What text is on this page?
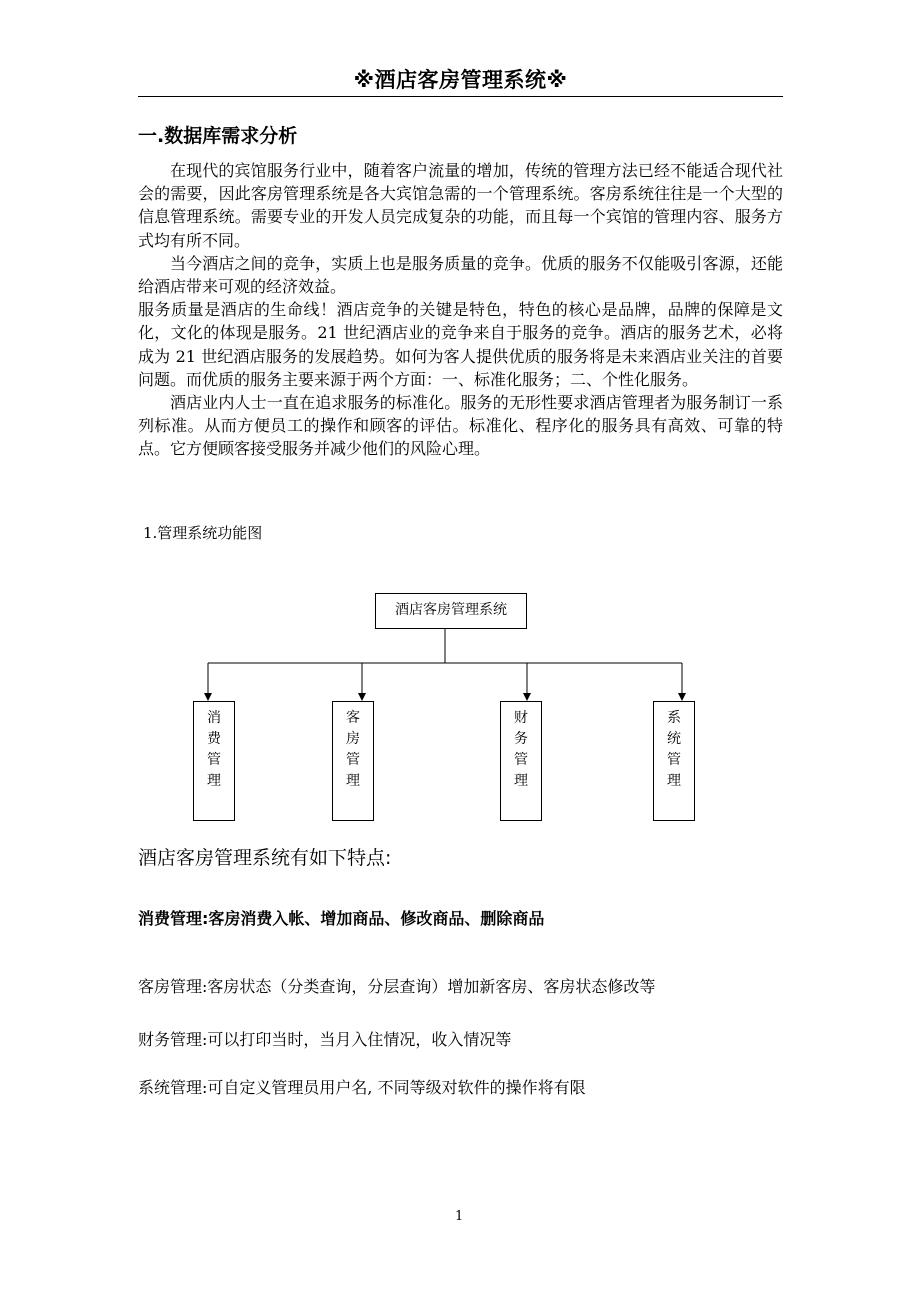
※酒店客房管理系统※
一.数据库需求分析

在现代的宾馆服务行业中，随着客户流量的增加，传统的管理方法已经不能适合现代社会的需要，因此客房管理系统是各大宾馆急需的一个管理系统。客房系统往往是一个大型的信息管理系统。需要专业的开发人员完成复杂的功能，而且每一个宾馆的管理内容、服务方式均有所不同。

当今酒店之间的竞争，实质上也是服务质量的竞争。优质的服务不仅能吸引客源，还能给酒店带来可观的经济效益。

服务质量是酒店的生命线！酒店竞争的关键是特色，特色的核心是品牌，品牌的保障是文化，文化的体现是服务。21 世纪酒店业的竞争来自于服务的竞争。酒店的服务艺术，必将成为 21 世纪酒店服务的发展趋势。如何为客人提供优质的服务将是未来酒店业关注的首要问题。而优质的服务主要来源于两个方面：一、标准化服务；二、个性化服务。

酒店业内人士一直在追求服务的标准化。服务的无形性要求酒店管理者为服务制订一系列标准。从而方便员工的操作和顾客的评估。标准化、程序化的服务具有高效、可靠的特点。它方便顾客接受服务并减少他们的风险心理。

1.管理系统功能图
酒店客房管理系统
消
费
管
理
客
房
管
理
财
务
管
理
系
统
管
理
酒店客房管理系统有如下特点:
消费管理:客房消费入帐、增加商品、修改商品、删除商品
客房管理:客房状态（分类查询，分层查询）增加新客房、客房状态修改等
财务管理:可以打印当时，当月入住情况，收入情况等
系统管理:可自定义管理员用户名, 不同等级对软件的操作将有限
1
